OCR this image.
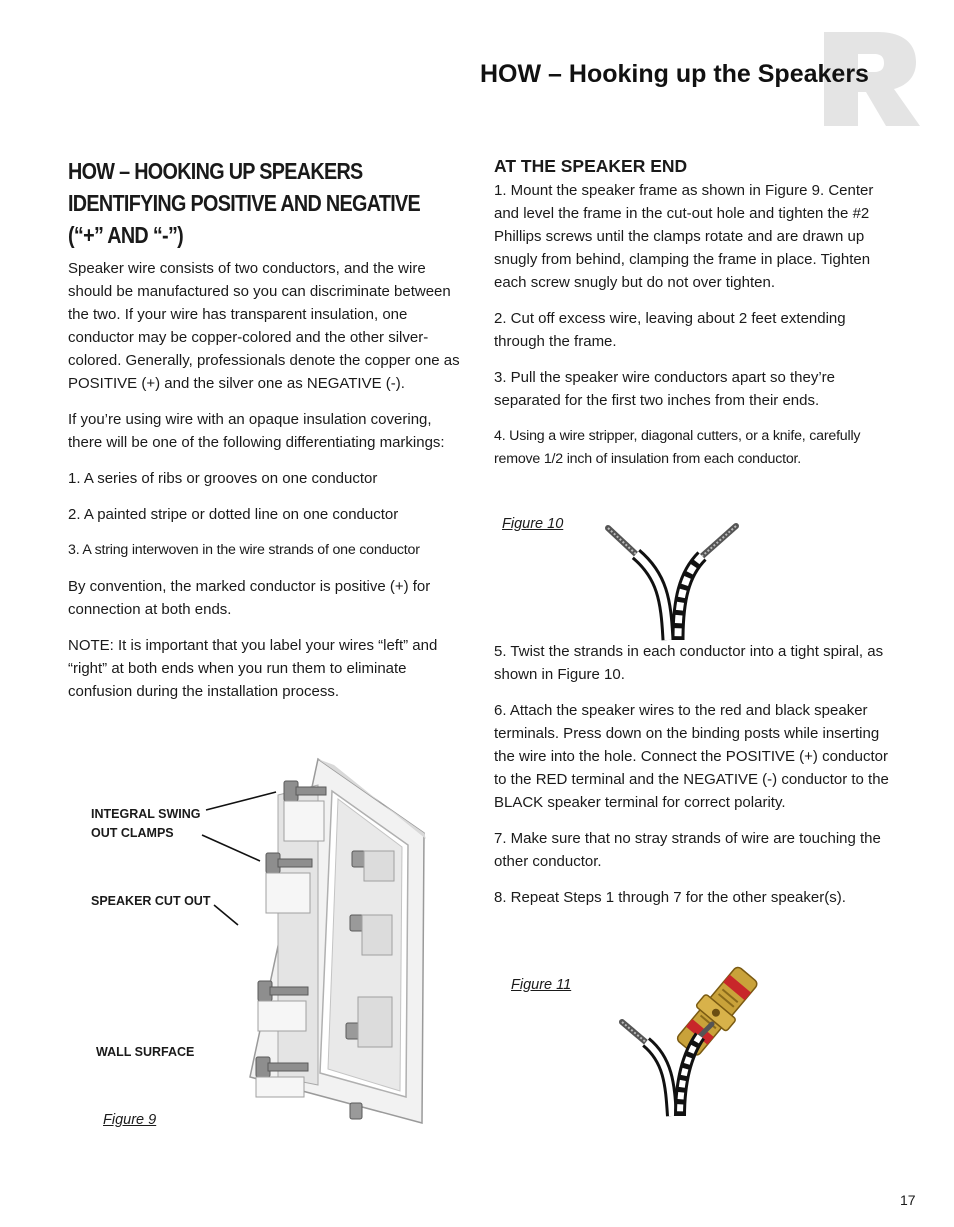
HOW – Hooking up the Speakers
HOW – HOOKING UP SPEAKERS
IDENTIFYING POSITIVE AND NEGATIVE
(“+” AND “-”)

Speaker wire consists of two conductors, and the wire should be manufactured so you can discriminate between the two. If your wire has transparent insulation, one conductor may be copper-colored and the other silver-colored. Generally, professionals denote the copper one as POSITIVE (+) and the silver one as NEGATIVE (-).

If you’re using wire with an opaque insulation covering, there will be one of the following differentiating markings:

1. A series of ribs or grooves on one conductor

2. A painted stripe or dotted line on one conductor

3. A string interwoven in the wire strands of one conductor

By convention, the marked conductor is positive (+) for connection at both ends.

NOTE: It is important that you label your wires “left” and “right” at both ends when you run them to eliminate confusion during the installation process.

AT THE SPEAKER END

1. Mount the speaker frame as shown in Figure 9. Center and level the frame in the cut-out hole and tighten the #2 Phillips screws until the clamps rotate and are drawn up snugly from behind, clamping the frame in place. Tighten each screw snugly but do not over tighten.

2. Cut off excess wire, leaving about 2 feet extending through the frame.

3. Pull the speaker wire conductors apart so they’re separated for the first two inches from their ends.

4. Using a wire stripper, diagonal cutters, or a knife, carefully remove 1/2 inch of insulation from each conductor.

5. Twist the strands in each conductor into a tight spiral, as shown in Figure 10.

6. Attach the speaker wires to the red and black speaker terminals. Press down on the binding posts while inserting the wire into the hole. Connect the POSITIVE (+) conductor to the RED terminal and the NEGATIVE (-) conductor to the BLACK speaker terminal for correct polarity.

7. Make sure that no stray strands of wire are touching the other conductor.

8. Repeat Steps 1 through 7 for the other speaker(s).

Figure 10
Figure 11
INTEGRAL SWING
OUT CLAMPS
SPEAKER CUT OUT
WALL SURFACE
Figure 9
17
